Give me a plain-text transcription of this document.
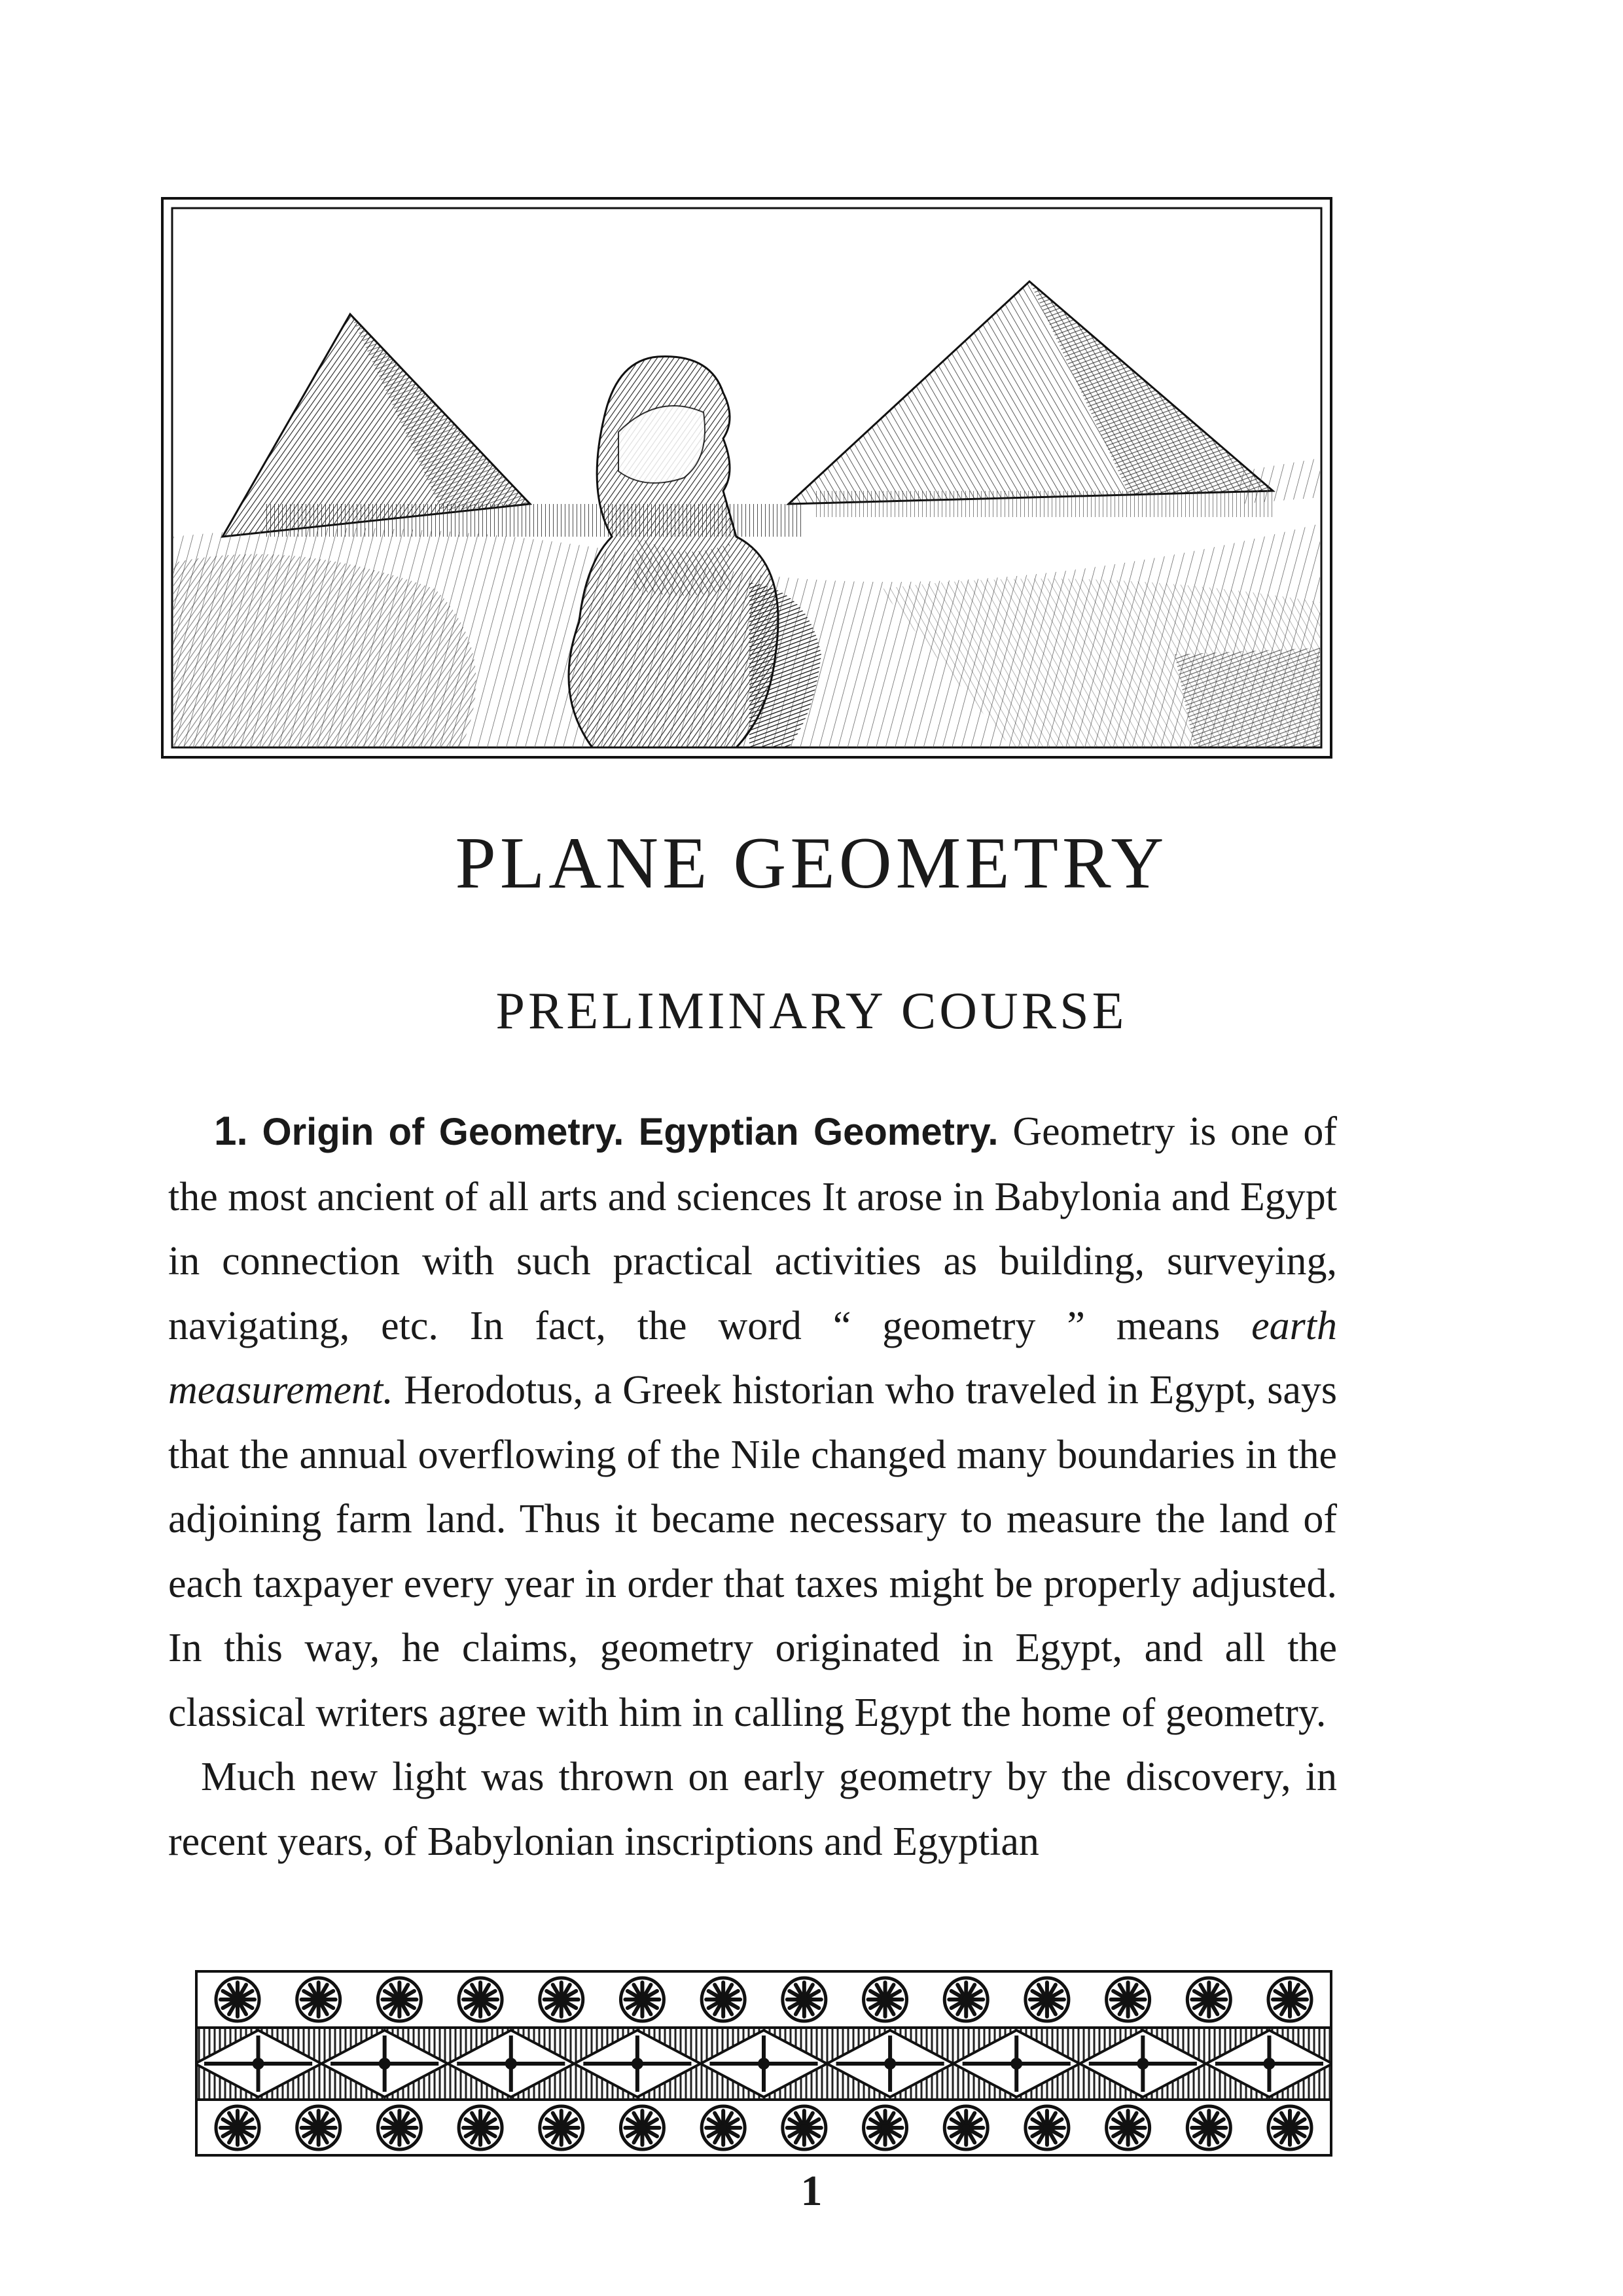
PLANE GEOMETRY
PRELIMINARY COURSE

1. Origin of Geometry. Egyptian Geometry. Geometry is one of the most ancient of all arts and sciences It arose in Babylonia and Egypt in connection with such practical activities as building, surveying, navigating, etc. In fact, the word “ geometry ” means earth measurement. Herodotus, a Greek historian who traveled in Egypt, says that the annual overflowing of the Nile changed many boundaries in the adjoining farm land. Thus it became necessary to measure the land of each taxpayer every year in order that taxes might be properly adjusted. In this way, he claims, geometry originated in Egypt, and all the classical writers agree with him in calling Egypt the home of geometry.

Much new light was thrown on early geometry by the discovery, in recent years, of Babylonian inscriptions and Egyptian

1
